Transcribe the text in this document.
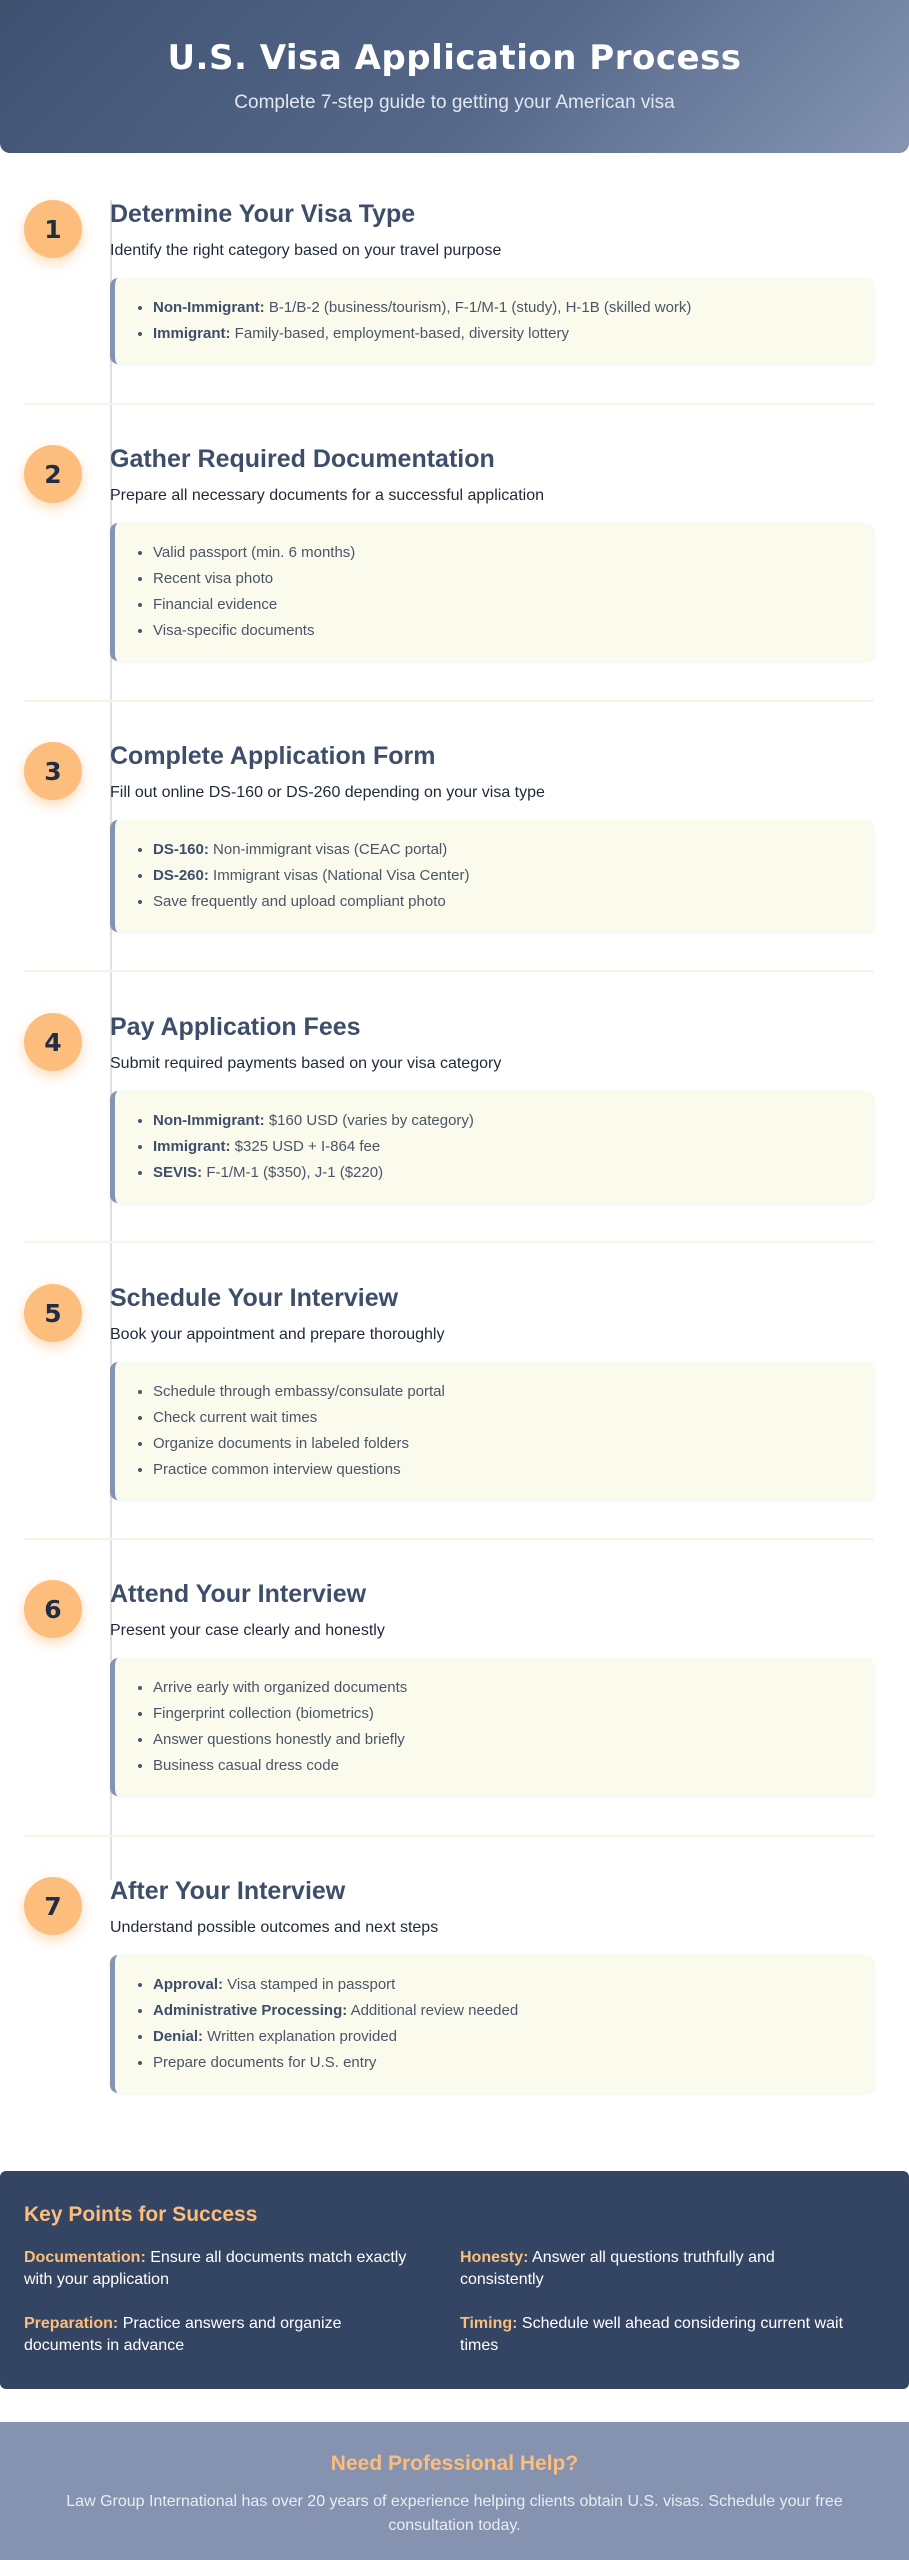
U.S. Visa Application Process

Complete 7-step guide to getting your American visa

1
Determine Your Visa Type
Identify the right category based on your travel purpose
• Non-Immigrant: B-1/B-2 (business/tourism), F-1/M-1 (study), H-1B (skilled work)
• Immigrant: Family-based, employment-based, diversity lottery
2
Gather Required Documentation
Prepare all necessary documents for a successful application
• Valid passport (min. 6 months)
• Recent visa photo
• Financial evidence
• Visa-specific documents
3
Complete Application Form
Fill out online DS-160 or DS-260 depending on your visa type
• DS-160: Non-immigrant visas (CEAC portal)
• DS-260: Immigrant visas (National Visa Center)
• Save frequently and upload compliant photo
4
Pay Application Fees
Submit required payments based on your visa category
• Non-Immigrant: $160 USD (varies by category)
• Immigrant: $325 USD + I-864 fee
• SEVIS: F-1/M-1 ($350), J-1 ($220)
5
Schedule Your Interview
Book your appointment and prepare thoroughly
• Schedule through embassy/consulate portal
• Check current wait times
• Organize documents in labeled folders
• Practice common interview questions
6
Attend Your Interview
Present your case clearly and honestly
• Arrive early with organized documents
• Fingerprint collection (biometrics)
• Answer questions honestly and briefly
• Business casual dress code
7
After Your Interview
Understand possible outcomes and next steps
• Approval: Visa stamped in passport
• Administrative Processing: Additional review needed
• Denial: Written explanation provided
• Prepare documents for U.S. entry
Key Points for Success
Documentation: Ensure all documents match exactly with your application
Honesty: Answer all questions truthfully and consistently
Preparation: Practice answers and organize documents in advance
Timing: Schedule well ahead considering current wait times
Need Professional Help?

Law Group International has over 20 years of experience helping clients obtain U.S. visas. Schedule your free consultation today.
